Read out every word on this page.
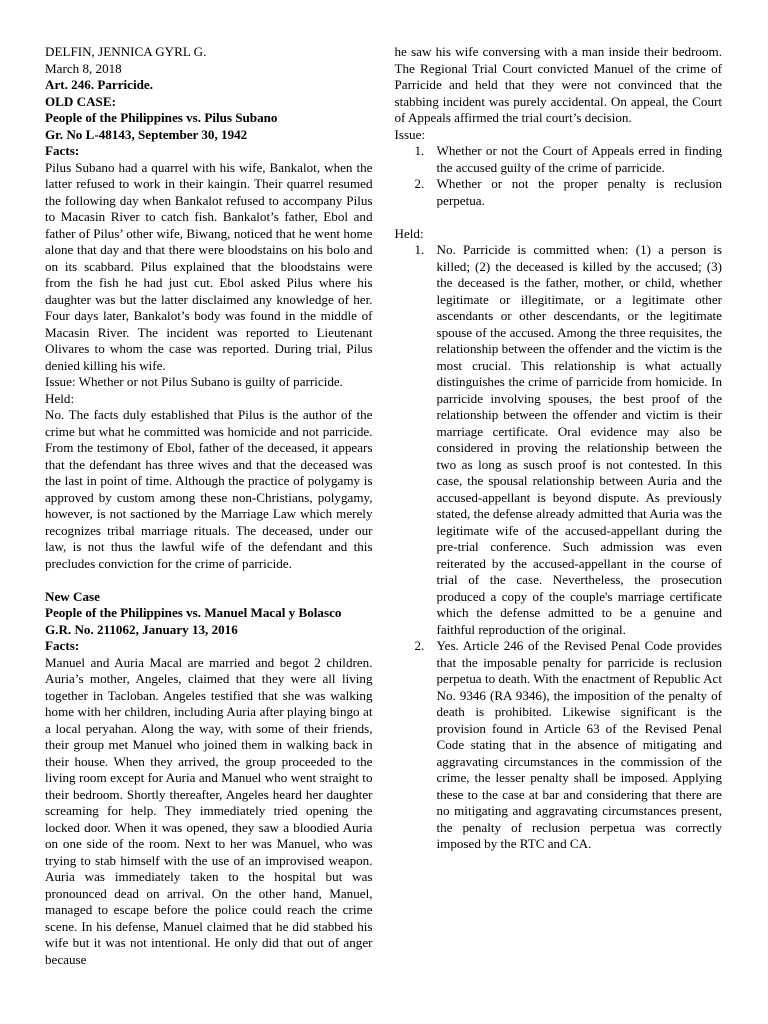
DELFIN, JENNICA GYRL G.

March 8, 2018

Art. 246. Parricide.

OLD CASE:

People of the Philippines vs. Pilus Subano

Gr. No L-48143, September 30, 1942

Facts:

Pilus Subano had a quarrel with his wife, Bankalot, when the latter refused to work in their kaingin. Their quarrel resumed the following day when Bankalot refused to accompany Pilus to Macasin River to catch fish. Bankalot’s father, Ebol and father of Pilus’ other wife, Biwang, noticed that he went home alone that day and that there were bloodstains on his bolo and on its scabbard. Pilus explained that the bloodstains were from the fish he had just cut. Ebol asked Pilus where his daughter was but the latter disclaimed any knowledge of her. Four days later, Bankalot’s body was found in the middle of Macasin River. The incident was reported to Lieutenant Olivares to whom the case was reported. During trial, Pilus denied killing his wife.

Issue: Whether or not Pilus Subano is guilty of parricide.

Held:

No. The facts duly established that Pilus is the author of the crime but what he committed was homicide and not parricide. From the testimony of Ebol, father of the deceased, it appears that the defendant has three wives and that the deceased was the last in point of time. Although the practice of polygamy is approved by custom among these non-Christians, polygamy, however, is not sactioned by the Marriage Law which merely recognizes tribal marriage rituals. The deceased, under our law, is not thus the lawful wife of the defendant and this precludes conviction for the crime of parricide.

New Case

People of the Philippines vs. Manuel Macal y Bolasco

G.R. No. 211062, January 13, 2016

Facts:

Manuel and Auria Macal are married and begot 2 children. Auria’s mother, Angeles, claimed that they were all living together in Tacloban. Angeles testified that she was walking home with her children, including Auria after playing bingo at a local peryahan. Along the way, with some of their friends, their group met Manuel who joined them in walking back in their house. When they arrived, the group proceeded to the living room except for Auria and Manuel who went straight to their bedroom. Shortly thereafter, Angeles heard her daughter screaming for help. They immediately tried opening the locked door. When it was opened, they saw a bloodied Auria on one side of the room. Next to her was Manuel, who was trying to stab himself with the use of an improvised weapon. Auria was immediately taken to the hospital but was pronounced dead on arrival. On the other hand, Manuel, managed to escape before the police could reach the crime scene. In his defense, Manuel claimed that he did stabbed his wife but it was not intentional. He only did that out of anger because

he saw his wife conversing with a man inside their bedroom. The Regional Trial Court convicted Manuel of the crime of Parricide and held that they were not convinced that the stabbing incident was purely accidental. On appeal, the Court of Appeals affirmed the trial court’s decision.

Issue:

1. Whether or not the Court of Appeals erred in finding the accused guilty of the crime of parricide.
2. Whether or not the proper penalty is reclusion perpetua.

Held:

1. No. Parricide is committed when: (1) a person is killed; (2) the deceased is killed by the accused; (3) the deceased is the father, mother, or child, whether legitimate or illegitimate, or a legitimate other ascendants or other descendants, or the legitimate spouse of the accused. Among the three requisites, the relationship between the offender and the victim is the most crucial. This relationship is what actually distinguishes the crime of parricide from homicide. In parricide involving spouses, the best proof of the relationship between the offender and victim is their marriage certificate. Oral evidence may also be considered in proving the relationship between the two as long as susch proof is not contested. In this case, the spousal relationship between Auria and the accused-appellant is beyond dispute. As previously stated, the defense already admitted that Auria was the legitimate wife of the accused-appellant during the pre-trial conference. Such admission was even reiterated by the accused-appellant in the course of trial of the case. Nevertheless, the prosecution produced a copy of the couple's marriage certificate which the defense admitted to be a genuine and faithful reproduction of the original.
2. Yes. Article 246 of the Revised Penal Code provides that the imposable penalty for parricide is reclusion perpetua to death. With the enactment of Republic Act No. 9346 (RA 9346), the imposition of the penalty of death is prohibited. Likewise significant is the provision found in Article 63 of the Revised Penal Code stating that in the absence of mitigating and aggravating circumstances in the commission of the crime, the lesser penalty shall be imposed. Applying these to the case at bar and considering that there are no mitigating and aggravating circumstances present, the penalty of reclusion perpetua was correctly imposed by the RTC and CA.
